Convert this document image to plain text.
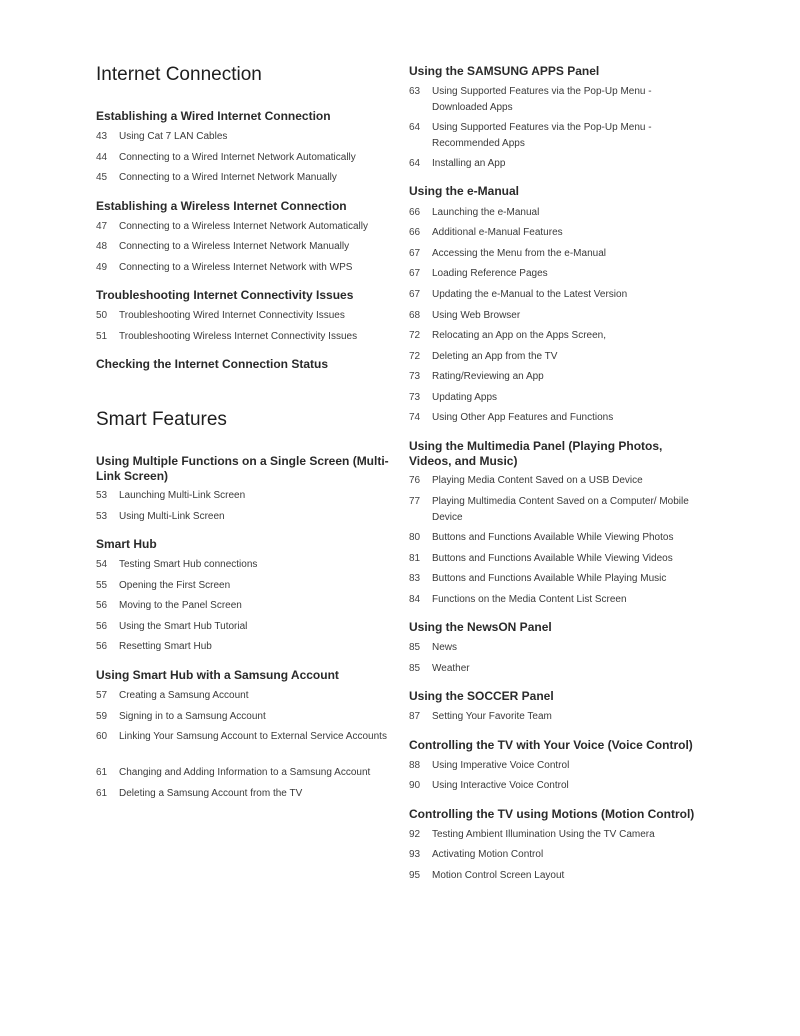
Internet Connection
Establishing a Wired Internet Connection
43	Using Cat 7 LAN Cables
44	Connecting to a Wired Internet Network Automatically
45	Connecting to a Wired Internet Network Manually
Establishing a Wireless Internet Connection
47	Connecting to a Wireless Internet Network Automatically
48	Connecting to a Wireless Internet Network Manually
49	Connecting to a Wireless Internet Network with WPS
Troubleshooting Internet Connectivity Issues
50	Troubleshooting Wired Internet Connectivity Issues
51	Troubleshooting Wireless Internet Connectivity Issues
Checking the Internet Connection Status
Smart Features
Using Multiple Functions on a Single Screen (Multi-Link Screen)
53	Launching Multi-Link Screen
53	Using Multi-Link Screen
Smart Hub
54	Testing Smart Hub connections
55	Opening the First Screen
56	Moving to the Panel Screen
56	Using the Smart Hub Tutorial
56	Resetting Smart Hub
Using Smart Hub with a Samsung Account
57	Creating a Samsung Account
59	Signing in to a Samsung Account
60	Linking Your Samsung Account to External Service Accounts
61	Changing and Adding Information to a Samsung Account
61	Deleting a Samsung Account from the TV
Using the SAMSUNG APPS Panel
63	Using Supported Features via the Pop-Up Menu - Downloaded Apps
64	Using Supported Features via the Pop-Up Menu - Recommended Apps
64	Installing an App
Using the e-Manual
66	Launching the e-Manual
66	Additional e-Manual Features
67	Accessing the Menu from the e-Manual
67	Loading Reference Pages
67	Updating the e-Manual to the Latest Version
68	Using Web Browser
72	Relocating an App on the Apps Screen,
72	Deleting an App from the TV
73	Rating/Reviewing an App
73	Updating Apps
74	Using Other App Features and Functions
Using the Multimedia Panel (Playing Photos, Videos, and Music)
76	Playing Media Content Saved on a USB Device
77	Playing Multimedia Content Saved on a Computer/ Mobile Device
80	Buttons and Functions Available While Viewing Photos
81	Buttons and Functions Available While Viewing Videos
83	Buttons and Functions Available While Playing Music
84	Functions on the Media Content List Screen
Using the NewsON Panel
85	News
85	Weather
Using the SOCCER Panel
87	Setting Your Favorite Team
Controlling the TV with Your Voice (Voice Control)
88	Using Imperative Voice Control
90	Using Interactive Voice Control
Controlling the TV using Motions (Motion Control)
92	Testing Ambient Illumination Using the TV Camera
93	Activating Motion Control
95	Motion Control Screen Layout
